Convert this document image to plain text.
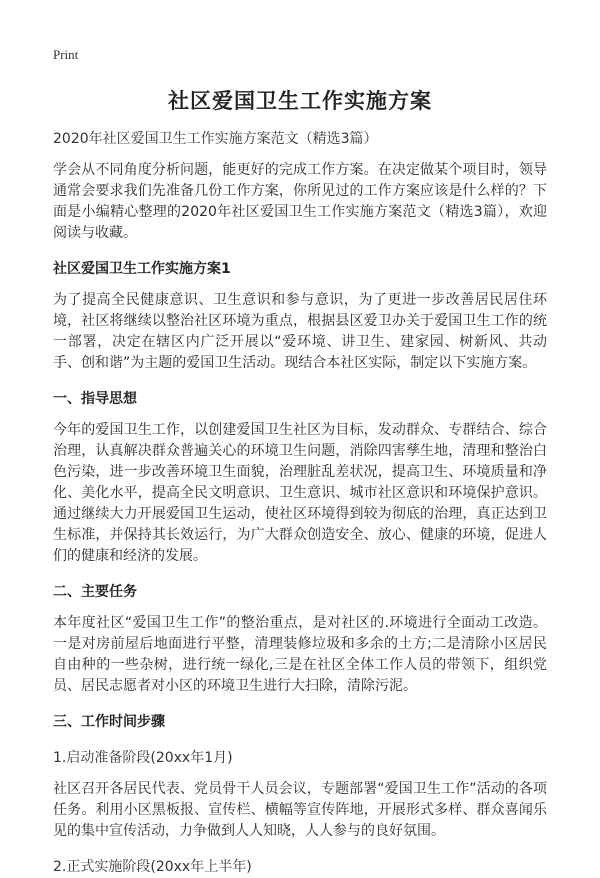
Print
社区爱国卫生工作实施方案
2020年社区爱国卫生工作实施方案范文（精选3篇）

学会从不同角度分析问题，能更好的完成工作方案。在决定做某个项目时，领导通常会要求我们先准备几份工作方案，你所见过的工作方案应该是什么样的？下面是小编精心整理的2020年社区爱国卫生工作实施方案范文（精选3篇），欢迎阅读与收藏。

社区爱国卫生工作实施方案1

为了提高全民健康意识、卫生意识和参与意识，为了更进一步改善居民居住环境，社区将继续以整治社区环境为重点，根据县区爱卫办关于爱国卫生工作的统一部署，决定在辖区内广泛开展以“爱环境、讲卫生、建家园、树新风、共动手、创和谐”为主题的爱国卫生活动。现结合本社区实际，制定以下实施方案。

一、指导思想

今年的爱国卫生工作，以创建爱国卫生社区为目标，发动群众、专群结合、综合治理，认真解决群众普遍关心的环境卫生问题，消除四害孳生地，清理和整治白色污染，进一步改善环境卫生面貌，治理脏乱差状况，提高卫生、环境质量和净化、美化水平，提高全民文明意识、卫生意识、城市社区意识和环境保护意识。通过继续大力开展爱国卫生运动，使社区环境得到较为彻底的治理，真正达到卫生标准，并保持其长效运行，为广大群众创造安全、放心、健康的环境，促进人们的健康和经济的发展。

二、主要任务

本年度社区“爱国卫生工作”的整治重点，是对社区的.环境进行全面动工改造。一是对房前屋后地面进行平整，清理装修垃圾和多余的土方;二是清除小区居民自由种的一些杂树，进行统一绿化,三是在社区全体工作人员的带领下，组织党员、居民志愿者对小区的环境卫生进行大扫除，清除污泥。

三、工作时间步骤
1.启动准备阶段(20xx年1月)

社区召开各居民代表、党员骨干人员会议，专题部署“爱国卫生工作”活动的各项任务。利用小区黑板报、宣传栏、横幅等宣传阵地，开展形式多样、群众喜闻乐见的集中宣传活动，力争做到人人知晓，人人参与的良好氛围。

2.正式实施阶段(20xx年上半年)
